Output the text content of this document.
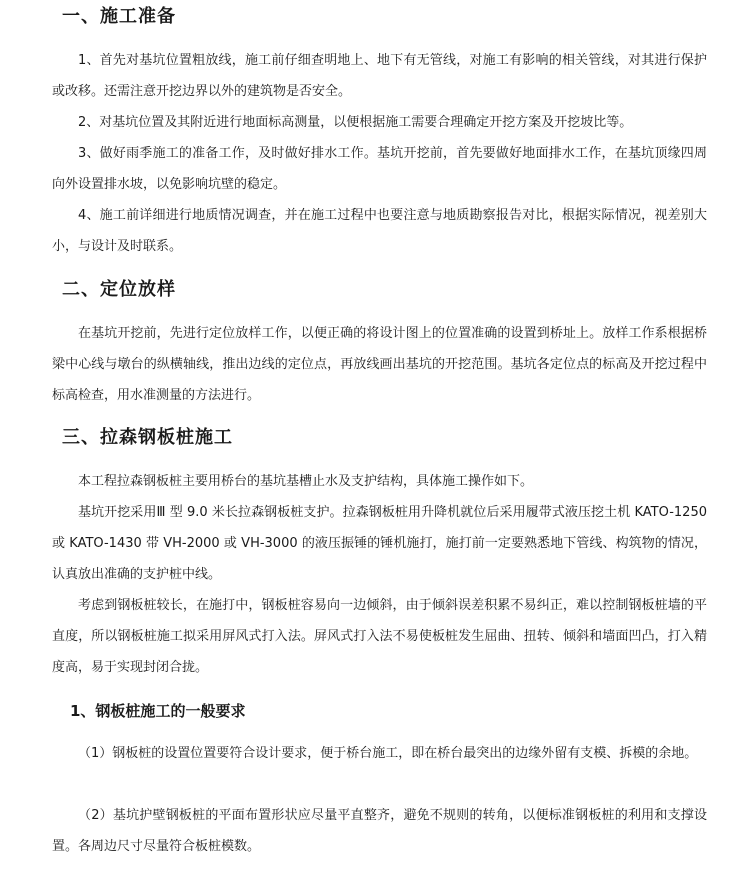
一、施工准备

1、首先对基坑位置粗放线，施工前仔细查明地上、地下有无管线，对施工有影响的相关管线，对其进行保护或改移。还需注意开挖边界以外的建筑物是否安全。

2、对基坑位置及其附近进行地面标高测量，以便根据施工需要合理确定开挖方案及开挖坡比等。

3、做好雨季施工的准备工作，及时做好排水工作。基坑开挖前，首先要做好地面排水工作，在基坑顶缘四周向外设置排水坡，以免影响坑壁的稳定。

4、施工前详细进行地质情况调查，并在施工过程中也要注意与地质勘察报告对比，根据实际情况，视差别大小，与设计及时联系。

二、定位放样

在基坑开挖前，先进行定位放样工作，以便正确的将设计图上的位置准确的设置到桥址上。放样工作系根据桥梁中心线与墩台的纵横轴线，推出边线的定位点，再放线画出基坑的开挖范围。基坑各定位点的标高及开挖过程中标高检查，用水准测量的方法进行。

三、拉森钢板桩施工

本工程拉森钢板桩主要用桥台的基坑基槽止水及支护结构，具体施工操作如下。

基坑开挖采用Ⅲ 型 9.0 米长拉森钢板桩支护。拉森钢板桩用升降机就位后采用履带式液压挖土机 KATO-1250 或 KATO-1430 带 VH-2000 或 VH-3000 的液压振锤的锤机施打，施打前一定要熟悉地下管线、构筑物的情况，认真放出准确的支护桩中线。

考虑到钢板桩较长，在施打中，钢板桩容易向一边倾斜，由于倾斜误差积累不易纠正，难以控制钢板桩墙的平直度，所以钢板桩施工拟采用屏风式打入法。屏风式打入法不易使板桩发生屈曲、扭转、倾斜和墙面凹凸，打入精度高，易于实现封闭合拢。

1、钢板桩施工的一般要求

（1）钢板桩的设置位置要符合设计要求，便于桥台施工，即在桥台最突出的边缘外留有支模、拆模的余地。

（2）基坑护壁钢板桩的平面布置形状应尽量平直整齐，避免不规则的转角，以便标准钢板桩的利用和支撑设置。各周边尺寸尽量符合板桩模数。
